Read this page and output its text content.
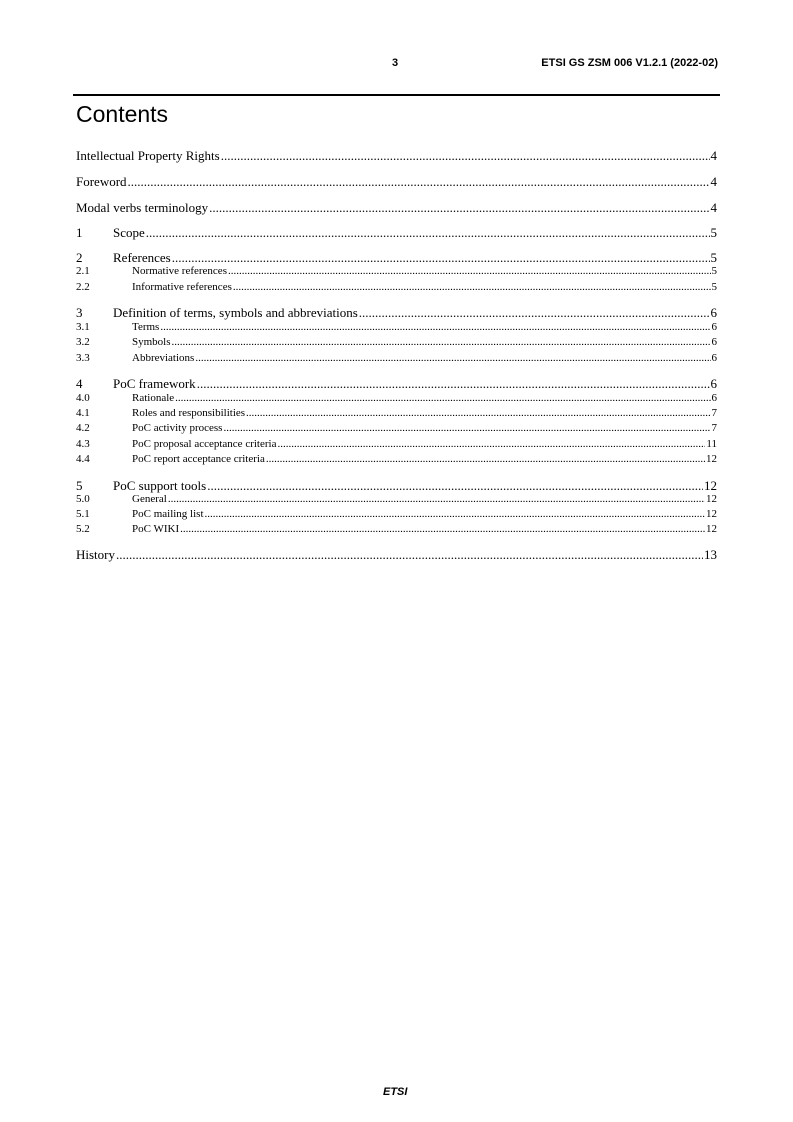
3	ETSI GS ZSM 006 V1.2.1 (2022-02)
Contents
Intellectual Property Rights .....	4
Foreword .....	4
Modal verbs terminology .....	4
1	Scope .....	5
2	References .....	5
2.1	Normative references .....	5
2.2	Informative references .....	5
3	Definition of terms, symbols and abbreviations .....	6
3.1	Terms .....	6
3.2	Symbols .....	6
3.3	Abbreviations .....	6
4	PoC framework .....	6
4.0	Rationale .....	6
4.1	Roles and responsibilities .....	7
4.2	PoC activity process .....	7
4.3	PoC proposal acceptance criteria .....	11
4.4	PoC report acceptance criteria .....	12
5	PoC support tools .....	12
5.0	General .....	12
5.1	PoC mailing list .....	12
5.2	PoC WIKI .....	12
History .....	13
ETSI
